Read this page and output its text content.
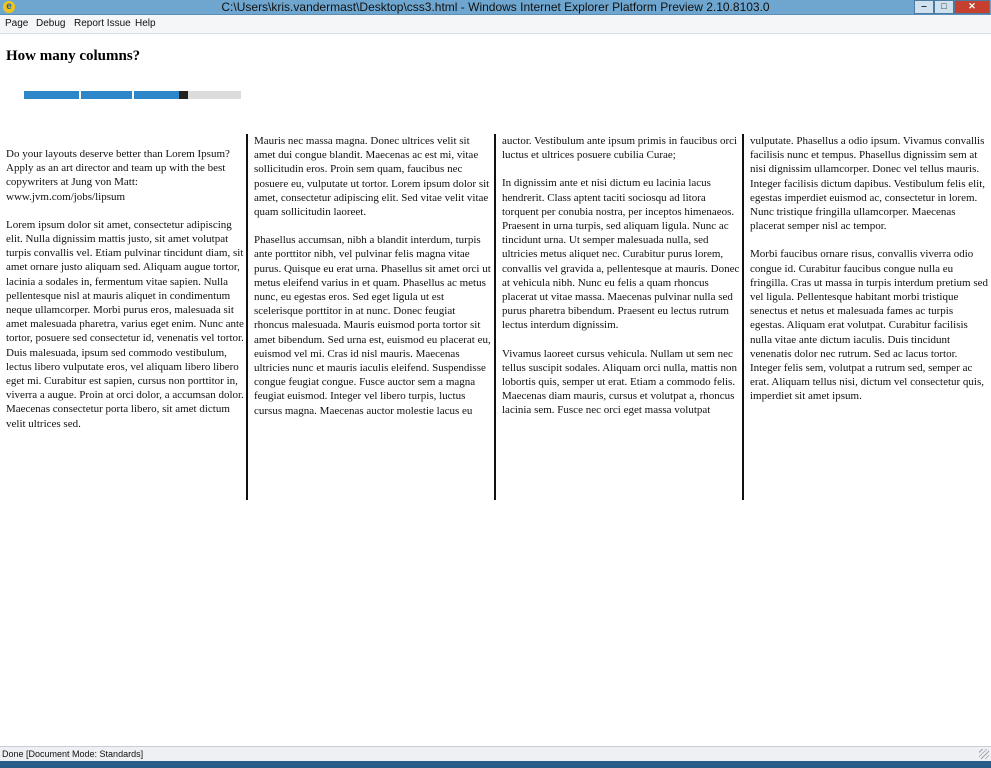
e	C:\Users\kris.vandermast\Desktop\css3.html - Windows Internet Explorer Platform Preview 2.10.8103.0	‒	□	✕
Page Debug Report Issue Help
How many columns?

Do your layouts deserve better than Lorem Ipsum? Apply as an art director and team up with the best copywriters at Jung von Matt: www.jvm.com/jobs/lipsum

Lorem ipsum dolor sit amet, consectetur adipiscing elit. Nulla dignissim mattis justo, sit amet volutpat turpis convallis vel. Etiam pulvinar tincidunt diam, sit amet ornare justo aliquam sed. Aliquam augue tortor, lacinia a sodales in, fermentum vitae sapien. Nulla pellentesque nisl at mauris aliquet in condimentum neque ullamcorper. Morbi purus eros, malesuada sit amet malesuada pharetra, varius eget enim. Nunc ante tortor, posuere sed consectetur id, venenatis vel tortor. Duis malesuada, ipsum sed commodo vestibulum, lectus libero vulputate eros, vel aliquam libero libero eget mi. Curabitur est sapien, cursus non porttitor in, viverra a augue. Proin at orci dolor, a accumsan dolor. Maecenas consectetur porta libero, sit amet dictum velit ultrices sed.

Mauris nec massa magna. Donec ultrices velit sit amet dui congue blandit. Maecenas ac est mi, vitae sollicitudin eros. Proin sem quam, faucibus nec posuere eu, vulputate ut tortor. Lorem ipsum dolor sit amet, consectetur adipiscing elit. Sed vitae velit vitae quam sollicitudin laoreet.

Phasellus accumsan, nibh a blandit interdum, turpis ante porttitor nibh, vel pulvinar felis magna vitae purus. Quisque eu erat urna. Phasellus sit amet orci ut metus eleifend varius in et quam. Phasellus ac metus nunc, eu egestas eros. Sed eget ligula ut est scelerisque porttitor in at nunc. Donec feugiat rhoncus malesuada. Mauris euismod porta tortor sit amet bibendum. Sed urna est, euismod eu placerat eu, euismod vel mi. Cras id nisl mauris. Maecenas ultricies nunc et mauris iaculis eleifend. Suspendisse congue feugiat congue. Fusce auctor sem a magna feugiat euismod. Integer vel libero turpis, luctus cursus magna. Maecenas auctor molestie lacus eu

auctor. Vestibulum ante ipsum primis in faucibus orci luctus et ultrices posuere cubilia Curae;

In dignissim ante et nisi dictum eu lacinia lacus hendrerit. Class aptent taciti sociosqu ad litora torquent per conubia nostra, per inceptos himenaeos. Praesent in urna turpis, sed aliquam ligula. Nunc ac tincidunt urna. Ut semper malesuada nulla, sed ultricies metus aliquet nec. Curabitur purus lorem, convallis vel gravida a, pellentesque at mauris. Donec at vehicula nibh. Nunc eu felis a quam rhoncus placerat ut vitae massa. Maecenas pulvinar nulla sed purus pharetra bibendum. Praesent eu lectus rutrum lectus interdum dignissim.

Vivamus laoreet cursus vehicula. Nullam ut sem nec tellus suscipit sodales. Aliquam orci nulla, mattis non lobortis quis, semper ut erat. Etiam a commodo felis. Maecenas diam mauris, cursus et volutpat a, rhoncus lacinia sem. Fusce nec orci eget massa volutpat

vulputate. Phasellus a odio ipsum. Vivamus convallis facilisis nunc et tempus. Phasellus dignissim sem at nisi dignissim ullamcorper. Donec vel tellus mauris. Integer facilisis dictum dapibus. Vestibulum felis elit, egestas imperdiet euismod ac, consectetur in lorem. Nunc tristique fringilla ullamcorper. Maecenas placerat semper nisl ac tempor.

Morbi faucibus ornare risus, convallis viverra odio congue id. Curabitur faucibus congue nulla eu fringilla. Cras ut massa in turpis interdum pretium sed vel ligula. Pellentesque habitant morbi tristique senectus et netus et malesuada fames ac turpis egestas. Aliquam erat volutpat. Curabitur facilisis nulla vitae ante dictum iaculis. Duis tincidunt venenatis dolor nec rutrum. Sed ac lacus tortor. Integer felis sem, volutpat a rutrum sed, semper ac erat. Aliquam tellus nisi, dictum vel consectetur quis, imperdiet sit amet ipsum.

Done [Document Mode: Standards]
